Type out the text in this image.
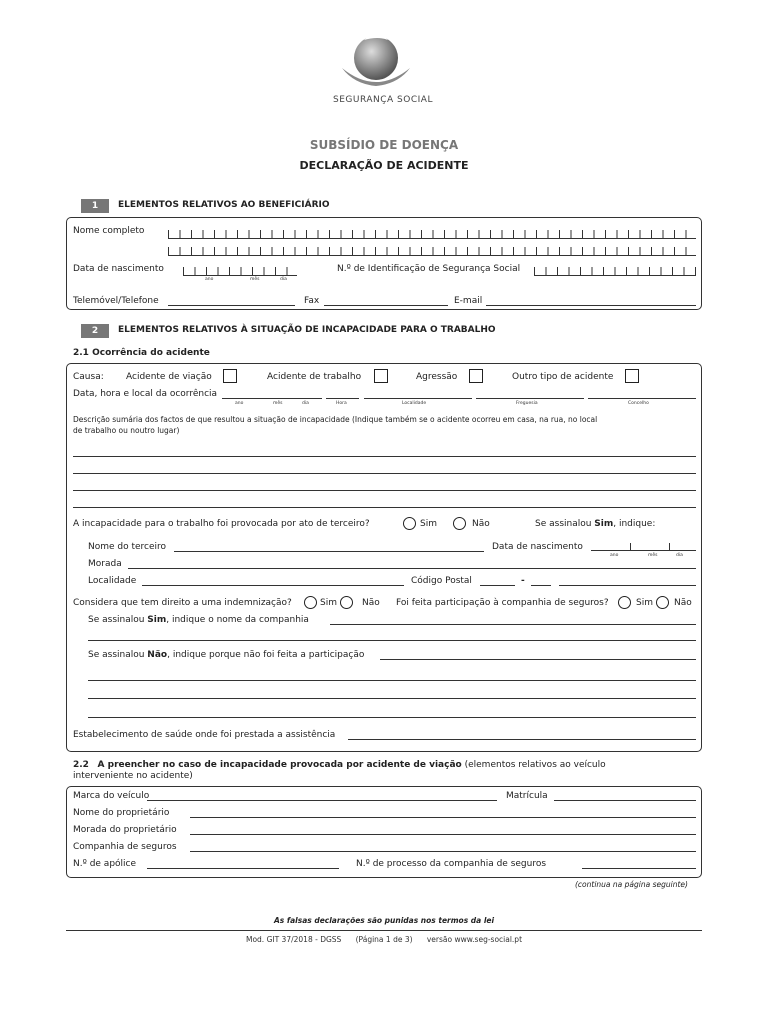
SEGURANÇA SOCIAL
SUBSÍDIO DE DOENÇA
DECLARAÇÃO DE ACIDENTE
1	ELEMENTOS RELATIVOS AO BENEFICIÁRIO
Nome completo
Data de nascimento
ano	mês	dia
N.º de Identificação de Segurança Social
Telemóvel/Telefone	Fax	E-mail
2	ELEMENTOS RELATIVOS À SITUAÇÃO DE INCAPACIDADE PARA O TRABALHO
2.1 Ocorrência do acidente
Causa: Acidente de viação	Acidente de trabalho	Agressão	Outro tipo de acidente
Data, hora e local da ocorrência
ano	mês	dia	Hora	Localidade	Freguesia	Concelho
Descrição sumária dos factos de que resultou a situação de incapacidade (Indique também se o acidente ocorreu em casa, na rua, no local
de trabalho ou noutro lugar)
A incapacidade para o trabalho foi provocada por ato de terceiro?	Sim	Não	Se assinalou Sim, indique:
Nome do terceiro	Data de nascimento
ano	mês	dia
Morada
Localidade	Código Postal	-
Considera que tem direito a uma indemnização?	Sim	Não Foi feita participação à companhia de seguros?	Sim Não
Se assinalou Sim, indique o nome da companhia
Se assinalou Não, indique porque não foi feita a participação
Estabelecimento de saúde onde foi prestada a assistência
2.2 A preencher no caso de incapacidade provocada por acidente de viação (elementos relativos ao veículo
interveniente no acidente)
Marca do veículo	Matrícula
Nome do proprietário
Morada do proprietário
Companhia de seguros
N.º de apólice	N.º de processo da companhia de seguros
(continua na página seguinte)
As falsas declarações são punidas nos termos da lei
Mod. GIT 37/2018 - DGSS (Página 1 de 3) versão www.seg-social.pt
